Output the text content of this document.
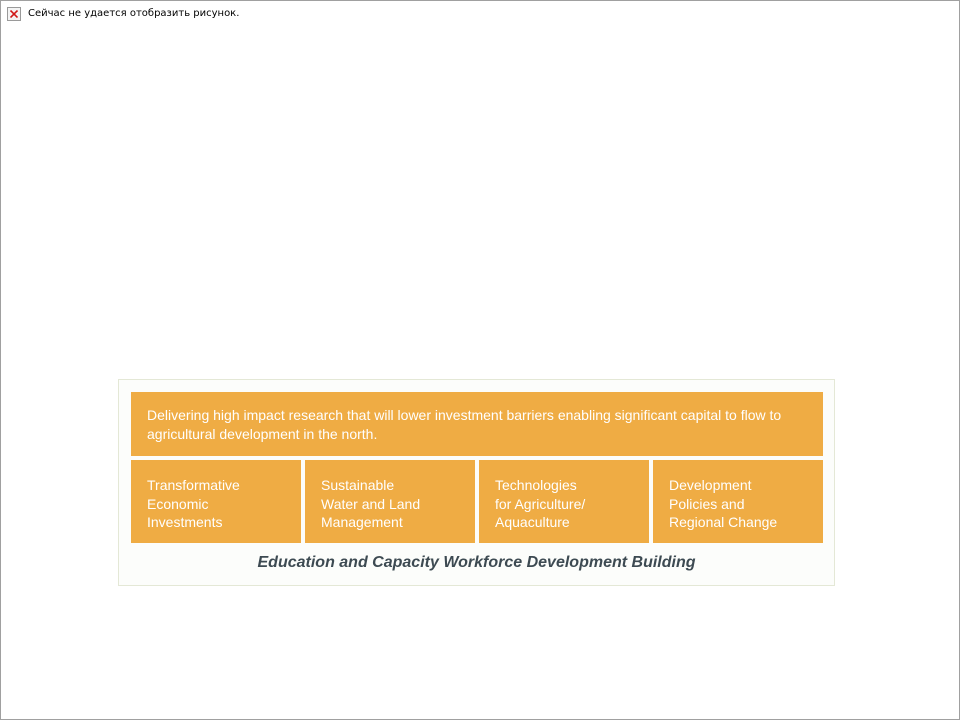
Сейчас не удается отобразить рисунок.
Delivering high impact research that will lower investment barriers enabling significant capital to flow to agricultural development in the north.
Transformative
Economic
Investments
Sustainable
Water and Land
Management
Technologies
for Agriculture/
Aquaculture
Development
Policies and
Regional Change
Education and Capacity Workforce Development Building
